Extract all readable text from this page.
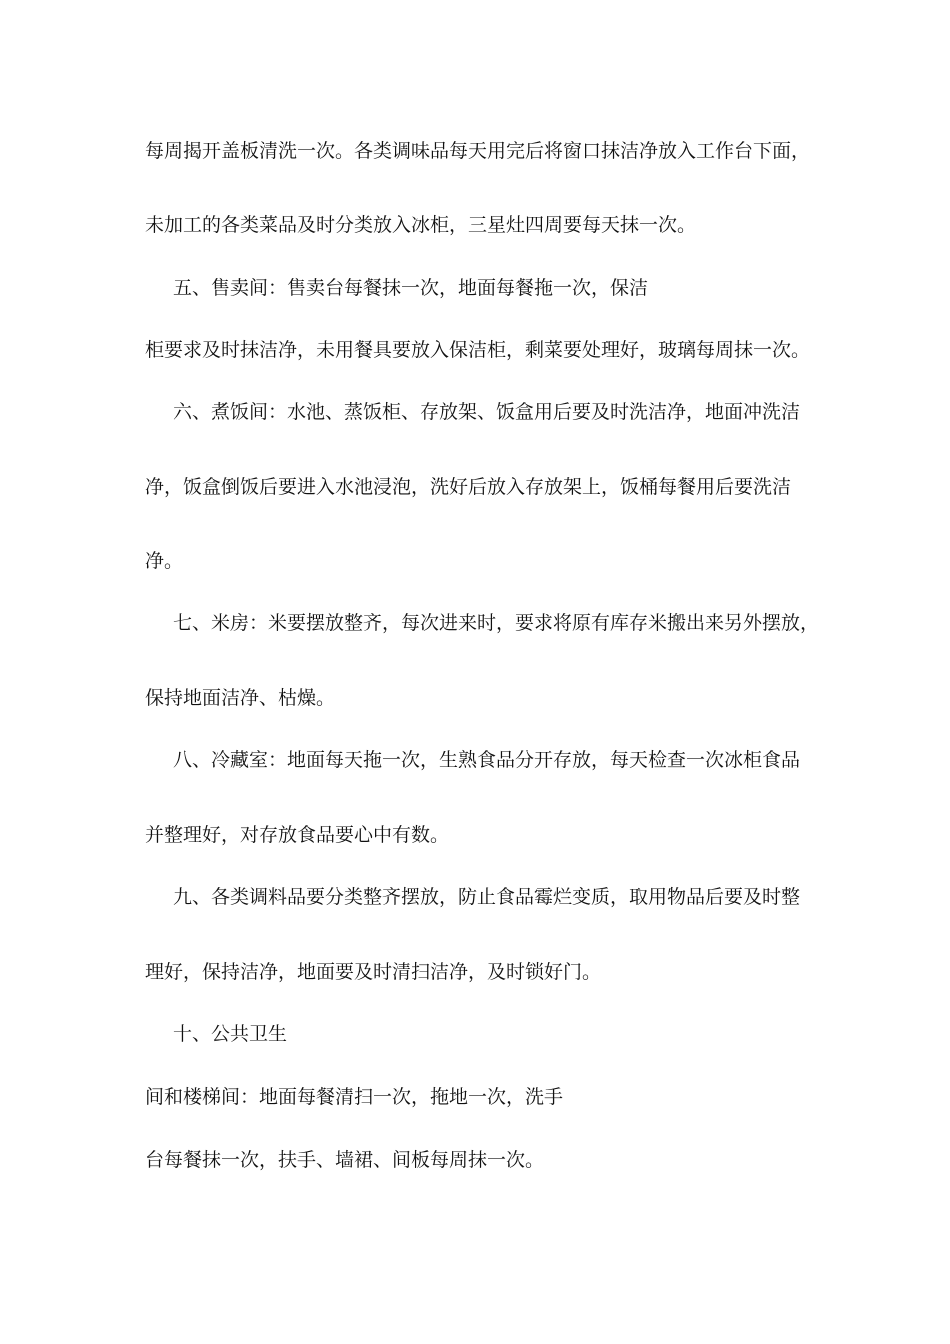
每周揭开盖板清洗一次。各类调味品每天用完后将窗口抹洁净放入工作台下面，
未加工的各类菜品及时分类放入冰柜，三星灶四周要每天抹一次。
五、售卖间：售卖台每餐抹一次，地面每餐拖一次，保洁
柜要求及时抹洁净，未用餐具要放入保洁柜，剩菜要处理好，玻璃每周抹一次。
六、煮饭间：水池、蒸饭柜、存放架、饭盒用后要及时洗洁净，地面冲洗洁
净，饭盒倒饭后要进入水池浸泡，洗好后放入存放架上，饭桶每餐用后要洗洁
净。
七、米房：米要摆放整齐，每次进来时，要求将原有库存米搬出来另外摆放，
保持地面洁净、枯燥。
八、冷藏室：地面每天拖一次，生熟食品分开存放，每天检查一次冰柜食品
并整理好，对存放食品要心中有数。
九、各类调料品要分类整齐摆放，防止食品霉烂变质，取用物品后要及时整
理好，保持洁净，地面要及时清扫洁净，及时锁好门。
十、公共卫生
间和楼梯间：地面每餐清扫一次，拖地一次，洗手
台每餐抹一次，扶手、墙裙、间板每周抹一次。
